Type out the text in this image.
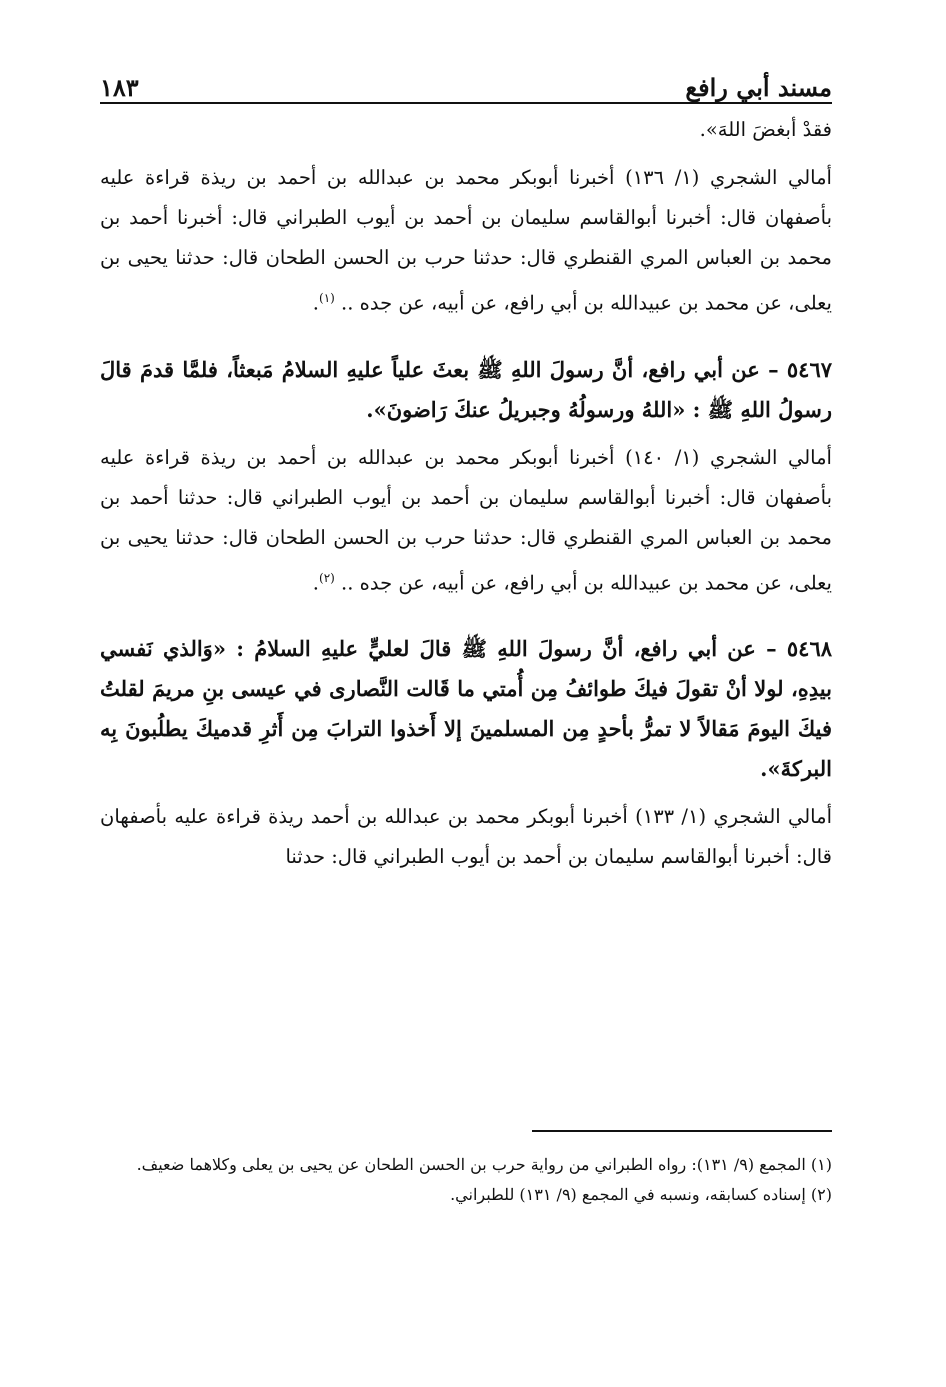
مسند أبي رافع
١٨٣

فقدْ أبغضَ اللهَ».

أمالي الشجري (١/ ١٣٦) أخبرنا أبوبكر محمد بن عبدالله بن أحمد بن ريذة قراءة عليه بأصفهان قال: أخبرنا أبوالقاسم سليمان بن أحمد بن أيوب الطبراني قال: أخبرنا أحمد بن محمد بن العباس المري القنطري قال: حدثنا حرب بن الحسن الطحان قال: حدثنا يحيى بن يعلى، عن محمد بن عبيدالله بن أبي رافع، عن أبيه، عن جده .. $^{(١)}$.

٥٤٦٧ – عن أبي رافع، أنَّ رسولَ اللهِ ﷺ بعثَ علياً عليهِ السلامُ مَبعثاً، فلمَّا قدمَ قالَ رسولُ اللهِ ﷺ : «اللهُ ورسولُهُ وجبريلُ عنكَ رَاضونَ».

أمالي الشجري (١/ ١٤٠) أخبرنا أبوبكر محمد بن عبدالله بن أحمد بن ريذة قراءة عليه بأصفهان قال: أخبرنا أبوالقاسم سليمان بن أحمد بن أيوب الطبراني قال: حدثنا أحمد بن محمد بن العباس المري القنطري قال: حدثنا حرب بن الحسن الطحان قال: حدثنا يحيى بن يعلى، عن محمد بن عبيدالله بن أبي رافع، عن أبيه، عن جده .. $^{(٢)}$.

٥٤٦٨ – عن أبي رافع، أنَّ رسولَ اللهِ ﷺ قالَ لعليٍّ عليهِ السلامُ : «وَالذي نَفسي بيدِهِ، لولا أنْ تقولَ فيكَ طوائفُ مِن أُمتي ما قَالت النَّصارى في عيسى بنِ مريمَ لقلتُ فيكَ اليومَ مَقالاً لا تمرُّ بأحدٍ مِن المسلمينَ إلا أَخذوا الترابَ مِن أَثرِ قدميكَ يطلُبونَ بِه البركةَ».

أمالي الشجري (١/ ١٣٣) أخبرنا أبوبكر محمد بن عبدالله بن أحمد ريذة قراءة عليه بأصفهان قال: أخبرنا أبوالقاسم سليمان بن أحمد بن أيوب الطبراني قال: حدثنا

(١) المجمع (٩/ ١٣١): رواه الطبراني من رواية حرب بن الحسن الطحان عن يحيى بن يعلى وكلاهما ضعيف.

(٢) إسناده كسابقه، ونسبه في المجمع (٩/ ١٣١) للطبراني.
